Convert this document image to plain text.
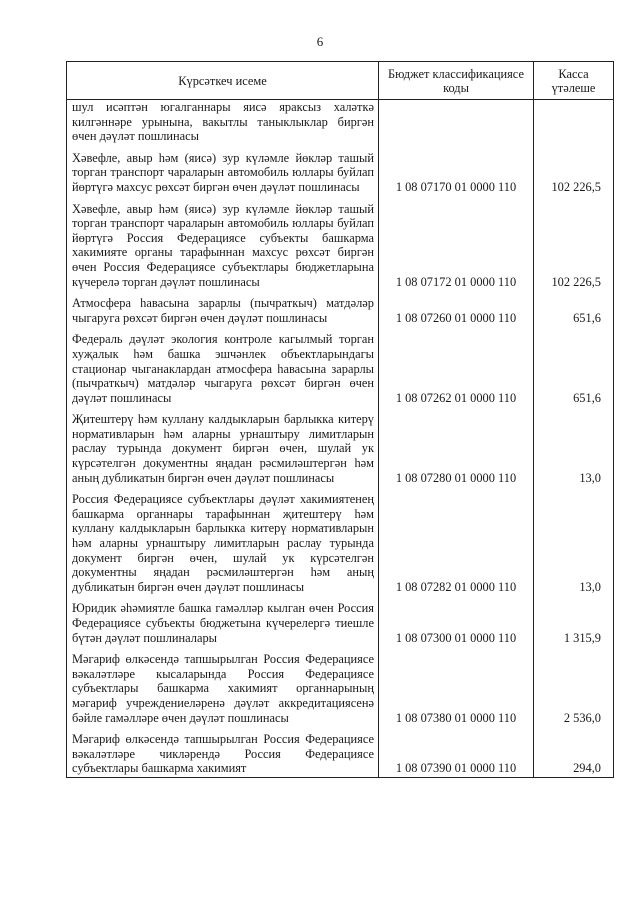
6
Күрсәткеч исеме	Бюджет классификациясе коды	Касса үтәлеше

шул исәптән югалганнары яисә яраксыз халәткә килгәннәре урынына, вакытлы таныклыклар биргән өчен дәүләт пошлинасы		

Хәвефле, авыр һәм (яисә) зур күләмле йөкләр ташый торган транспорт чараларын автомобиль юллары буйлап йөртүгә махсус рөхсәт биргән өчен дәүләт пошлинасы	1 08 07170 01 0000 110	102 226,5

Хәвефле, авыр һәм (яисә) зур күләмле йөкләр ташый торган транспорт чараларын автомобиль юллары буйлап йөртүгә Россия Федерациясе субъекты башкарма хакимияте органы тарафыннан махсус рөхсәт биргән өчен Россия Федерациясе субъектлары бюджетларына күчерелә торган дәүләт пошлинасы	1 08 07172 01 0000 110	102 226,5

Атмосфера һавасына зарарлы (пычраткыч) матдәләр чыгаруга рөхсәт биргән өчен дәүләт пошлинасы	1 08 07260 01 0000 110	651,6

Федераль дәүләт экология контроле кагылмый торган хуҗалык һәм башка эшчәнлек объектларындагы стационар чыганаклардан атмосфера һавасына зарарлы (пычраткыч) матдәләр чыгаруга рөхсәт биргән өчен дәүләт пошлинасы	1 08 07262 01 0000 110	651,6

Җитештерү һәм куллану калдыкларын барлыкка китерү нормативларын һәм аларны урнаштыру лимитларын раслау турында документ биргән өчен, шулай ук күрсәтелгән документны яңадан рәсмиләштергән һәм аның дубликатын биргән өчен дәүләт пошлинасы	1 08 07280 01 0000 110	13,0

Россия Федерациясе субъектлары дәүләт хакимиятенең башкарма органнары тарафыннан җитештерү һәм куллану калдыкларын барлыкка китерү нормативларын һәм аларны урнаштыру лимитларын раслау турында документ биргән өчен, шулай ук күрсәтелгән документны яңадан рәсмиләштергән һәм аның дубликатын биргән өчен дәүләт пошлинасы	1 08 07282 01 0000 110	13,0

Юридик әһәмиятле башка гамәлләр кылган өчен Россия Федерациясе субъекты бюджетына күчерелергә тиешле бүтән дәүләт пошлиналары	1 08 07300 01 0000 110	1 315,9

Мәгариф өлкәсендә тапшырылган Россия Федерациясе вәкаләтләре кысаларында Россия Федерациясе субъектлары башкарма хакимият органнарының мәгариф учреждениеләренә дәүләт аккредитациясенә бәйле гамәлләре өчен дәүләт пошлинасы	1 08 07380 01 0000 110	2 536,0

Мәгариф өлкәсендә тапшырылган Россия Федерациясе вәкаләтләре чикләрендә Россия Федерациясе субъектлары башкарма хакимият	1 08 07390 01 0000 110	294,0
